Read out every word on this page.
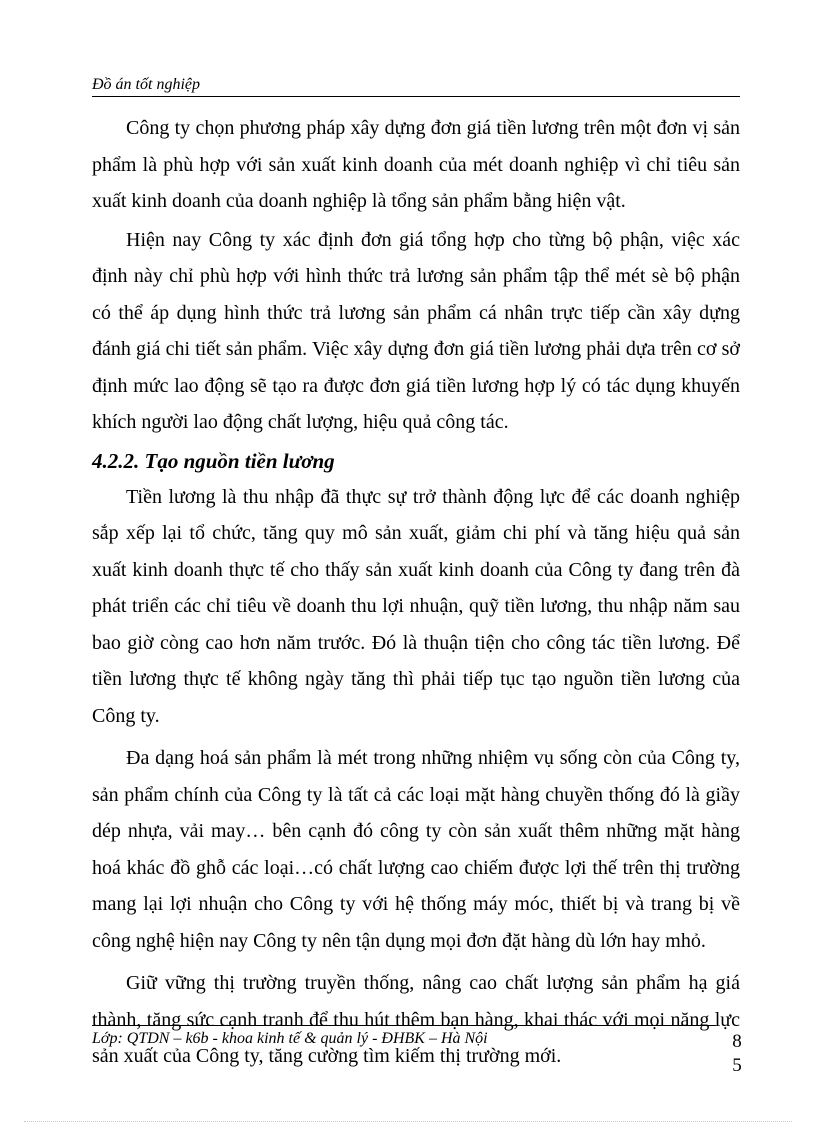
Đồ án tốt nghiệp

Công ty chọn phương pháp xây dựng đơn giá tiền lương trên một đơn vị sản phẩm là phù hợp với sản xuất kinh doanh của mét doanh nghiệp vì chỉ tiêu sản xuất kinh doanh của doanh nghiệp là tổng sản phẩm bằng hiện vật.

Hiện nay Công ty xác định đơn giá tổng hợp cho từng bộ phận, việc xác định này chỉ phù hợp với hình thức trả lương sản phẩm tập thể mét sè bộ phận có thể áp dụng hình thức trả lương sản phẩm cá nhân trực tiếp cần xây dựng đánh giá chi tiết sản phẩm. Việc xây dựng đơn giá tiền lương phải dựa trên cơ sở định mức lao động sẽ tạo ra được đơn giá tiền lương hợp lý có tác dụng khuyến khích người lao động chất lượng, hiệu quả công tác.

4.2.2. Tạo nguồn tiền lương

Tiền lương là thu nhập đã thực sự trở thành động lực để các doanh nghiệp sắp xếp lại tổ chức, tăng quy mô sản xuất, giảm chi phí và tăng hiệu quả sản xuất kinh doanh thực tế cho thấy sản xuất kinh doanh của Công ty đang trên đà phát triển các chỉ tiêu về doanh thu lợi nhuận, quỹ tiền lương, thu nhập năm sau bao giờ còng cao hơn năm trước. Đó là thuận tiện cho công tác tiền lương. Để tiền lương thực tế không ngày tăng thì phải tiếp tục tạo nguồn tiền lương của Công ty.

Đa dạng hoá sản phẩm là mét trong những nhiệm vụ sống còn của Công ty, sản phẩm chính của Công ty là tất cả các loại mặt hàng chuyền thống đó là giầy dép nhựa, vải may… bên cạnh đó công ty còn sản xuất thêm những mặt hàng hoá khác đồ ghỗ các loại…có chất lượng cao chiếm được lợi thế trên thị trường mang lại lợi nhuận cho Công ty với hệ thống máy móc, thiết bị và trang bị về công nghệ hiện nay Công ty nên tận dụng mọi đơn đặt hàng dù lớn hay mhỏ.

Giữ vững thị trường truyền thống, nâng cao chất lượng sản phẩm hạ giá thành, tăng sức cạnh tranh để thu hút thêm bạn hàng, khai thác với mọi năng lực sản xuất của Công ty, tăng cường tìm kiếm thị trường mới.

Lớp: QTDN – k6b - khoa kinh tế & quản lý - ĐHBK – Hà Nội	8
5
